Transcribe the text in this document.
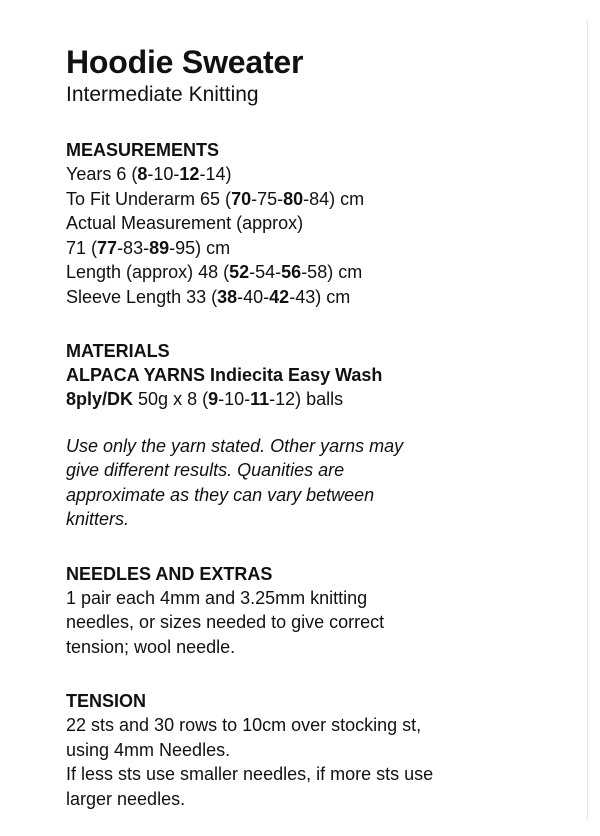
Hoodie Sweater
Intermediate Knitting
MEASUREMENTS
Years 6 (8-10-12-14)
To Fit Underarm 65 (70-75-80-84) cm
Actual Measurement (approx)
71 (77-83-89-95) cm
Length (approx) 48 (52-54-56-58) cm
Sleeve Length 33 (38-40-42-43) cm
MATERIALS
ALPACA YARNS Indiecita Easy Wash
8ply/DK 50g x 8 (9-10-11-12) balls
Use only the yarn stated. Other yarns may
give different results. Quanities are
approximate as they can vary between
knitters.
NEEDLES AND EXTRAS
1 pair each 4mm and 3.25mm knitting
needles, or sizes needed to give correct
tension; wool needle.
TENSION
22 sts and 30 rows to 10cm over stocking st,
using 4mm Needles.
If less sts use smaller needles, if more sts use
larger needles.
